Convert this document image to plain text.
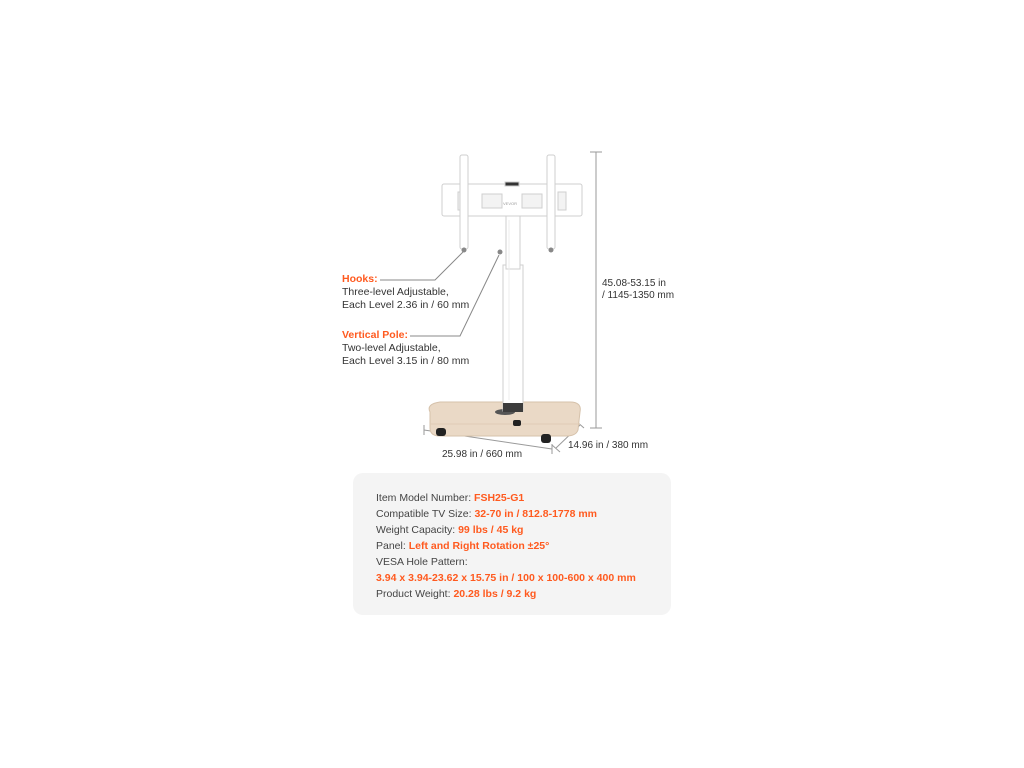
VEVOR
Hooks:
Three-level Adjustable,
Each Level 2.36 in / 60 mm
Vertical Pole:
Two-level Adjustable,
Each Level 3.15 in / 80 mm
45.08-53.15 in
/ 1145-1350 mm
25.98 in / 660 mm
14.96 in / 380 mm
Item Model Number: FSH25-G1
Compatible TV Size: 32-70 in / 812.8-1778 mm
Weight Capacity: 99 lbs / 45 kg
Panel: Left and Right Rotation ±25°
VESA Hole Pattern:
3.94 x 3.94-23.62 x 15.75 in / 100 x 100-600 x 400 mm
Product Weight: 20.28 lbs / 9.2 kg
